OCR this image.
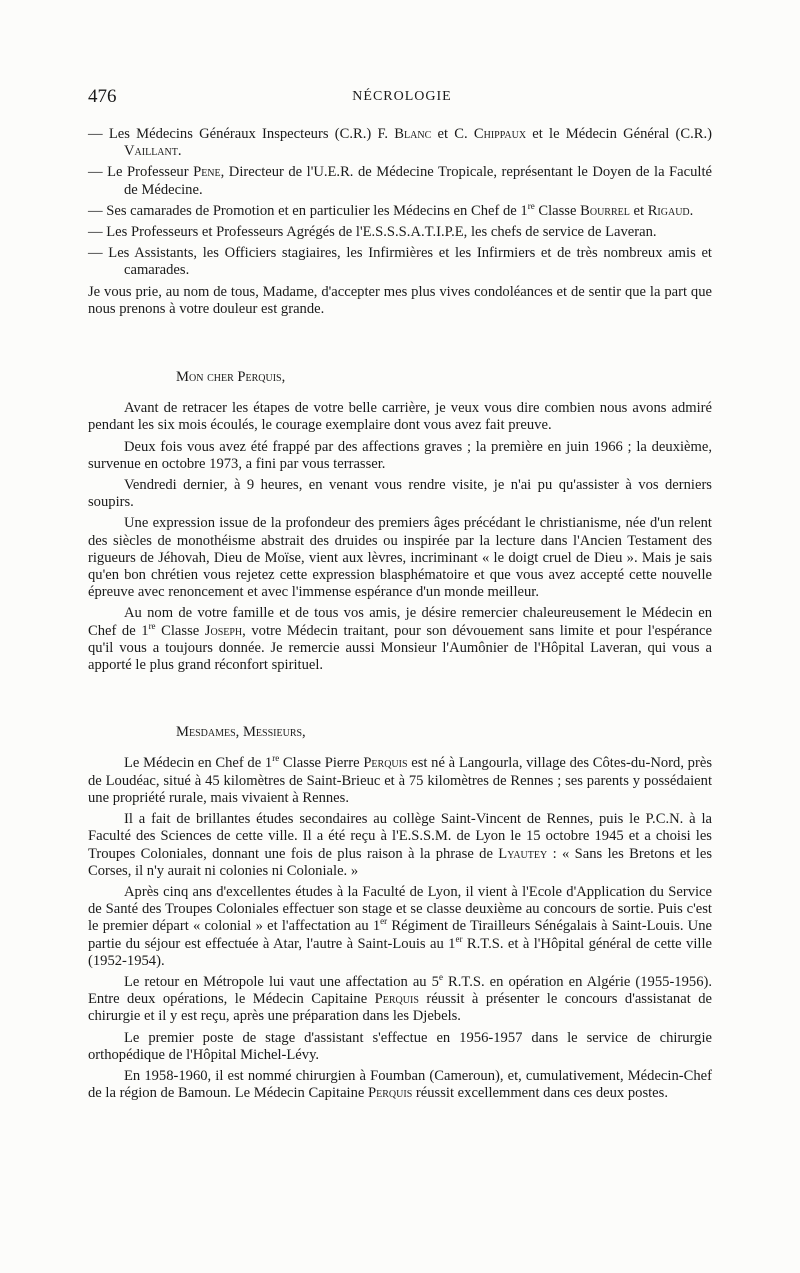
476	NÉCROLOGIE
— Les Médecins Généraux Inspecteurs (C.R.) F. Blanc et C. Chippaux et le Médecin Général (C.R.) Vaillant.
— Le Professeur Pene, Directeur de l'U.E.R. de Médecine Tropicale, représentant le Doyen de la Faculté de Médecine.
— Ses camarades de Promotion et en particulier les Médecins en Chef de 1re Classe Bourrel et Rigaud.
— Les Professeurs et Professeurs Agrégés de l'E.S.S.S.A.T.I.P.E, les chefs de service de Laveran.
— Les Assistants, les Officiers stagiaires, les Infirmières et les Infirmiers et de très nombreux amis et camarades.

Je vous prie, au nom de tous, Madame, d'accepter mes plus vives condoléances et de sentir que la part que nous prenons à votre douleur est grande.

Mon cher Perquis,

Avant de retracer les étapes de votre belle carrière, je veux vous dire combien nous avons admiré pendant les six mois écoulés, le courage exemplaire dont vous avez fait preuve.

Deux fois vous avez été frappé par des affections graves ; la première en juin 1966 ; la deuxième, survenue en octobre 1973, a fini par vous terrasser.

Vendredi dernier, à 9 heures, en venant vous rendre visite, je n'ai pu qu'assister à vos derniers soupirs.

Une expression issue de la profondeur des premiers âges précédant le christianisme, née d'un relent des siècles de monothéisme abstrait des druides ou inspirée par la lecture dans l'Ancien Testament des rigueurs de Jéhovah, Dieu de Moïse, vient aux lèvres, incriminant « le doigt cruel de Dieu ». Mais je sais qu'en bon chrétien vous rejetez cette expression blasphématoire et que vous avez accepté cette nouvelle épreuve avec renoncement et avec l'immense espérance d'un monde meilleur.

Au nom de votre famille et de tous vos amis, je désire remercier chaleureusement le Médecin en Chef de 1re Classe Joseph, votre Médecin traitant, pour son dévouement sans limite et pour l'espérance qu'il vous a toujours donnée. Je remercie aussi Monsieur l'Aumônier de l'Hôpital Laveran, qui vous a apporté le plus grand réconfort spirituel.

Mesdames, Messieurs,

Le Médecin en Chef de 1re Classe Pierre Perquis est né à Langourla, village des Côtes-du-Nord, près de Loudéac, situé à 45 kilomètres de Saint-Brieuc et à 75 kilomètres de Rennes ; ses parents y possédaient une propriété rurale, mais vivaient à Rennes.

Il a fait de brillantes études secondaires au collège Saint-Vincent de Rennes, puis le P.C.N. à la Faculté des Sciences de cette ville. Il a été reçu à l'E.S.S.M. de Lyon le 15 octobre 1945 et a choisi les Troupes Coloniales, donnant une fois de plus raison à la phrase de Lyautey : « Sans les Bretons et les Corses, il n'y aurait ni colonies ni Coloniale. »

Après cinq ans d'excellentes études à la Faculté de Lyon, il vient à l'Ecole d'Application du Service de Santé des Troupes Coloniales effectuer son stage et se classe deuxième au concours de sortie. Puis c'est le premier départ « colonial » et l'affectation au 1er Régiment de Tirailleurs Sénégalais à Saint-Louis. Une partie du séjour est effectuée à Atar, l'autre à Saint-Louis au 1er R.T.S. et à l'Hôpital général de cette ville (1952-1954).

Le retour en Métropole lui vaut une affectation au 5e R.T.S. en opération en Algérie (1955-1956). Entre deux opérations, le Médecin Capitaine Perquis réussit à présenter le concours d'assistanat de chirurgie et il y est reçu, après une préparation dans les Djebels.

Le premier poste de stage d'assistant s'effectue en 1956-1957 dans le service de chirurgie orthopédique de l'Hôpital Michel-Lévy.

En 1958-1960, il est nommé chirurgien à Foumban (Cameroun), et, cumulativement, Médecin-Chef de la région de Bamoun. Le Médecin Capitaine Perquis réussit excellemment dans ces deux postes.
